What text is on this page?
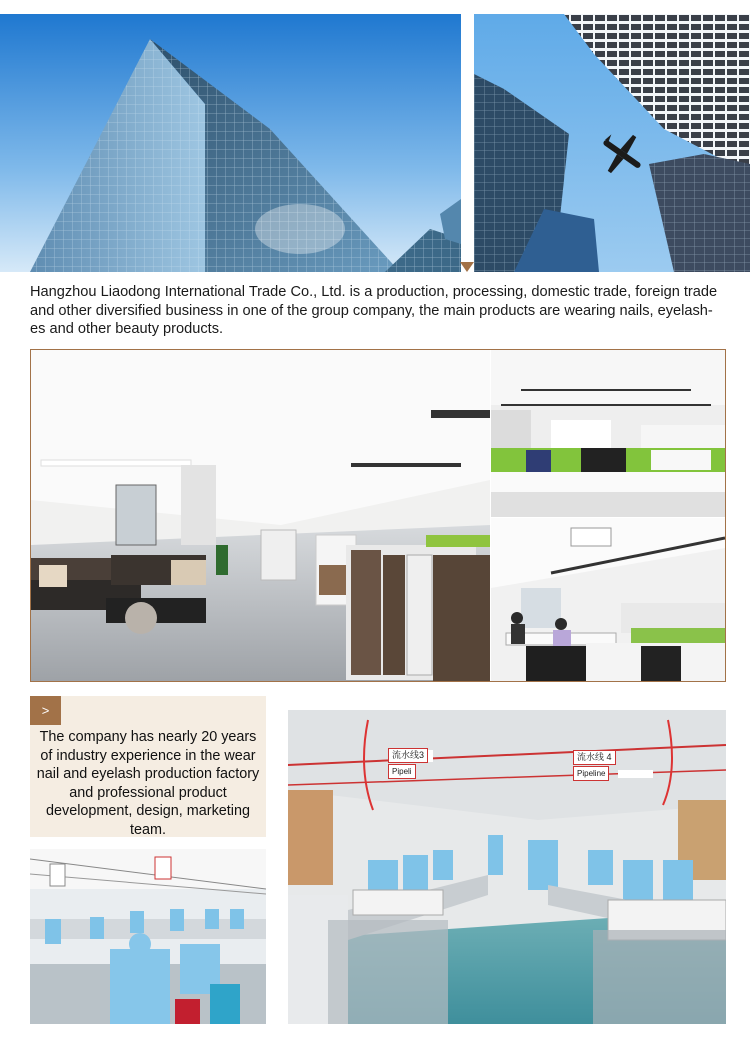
Hangzhou Liaodong International Trade Co., Ltd. is a production, processing, domestic trade, foreign trade and other diversified business in one of the group company, the main products are wearing nails, eyelash-es and other beauty products.
>
The company has nearly 20 years of industry experience in the wear nail and eyelash production factory and professional product development, design, marketing team.
流水线3
Pipeli
流水线 4
Pipeline
